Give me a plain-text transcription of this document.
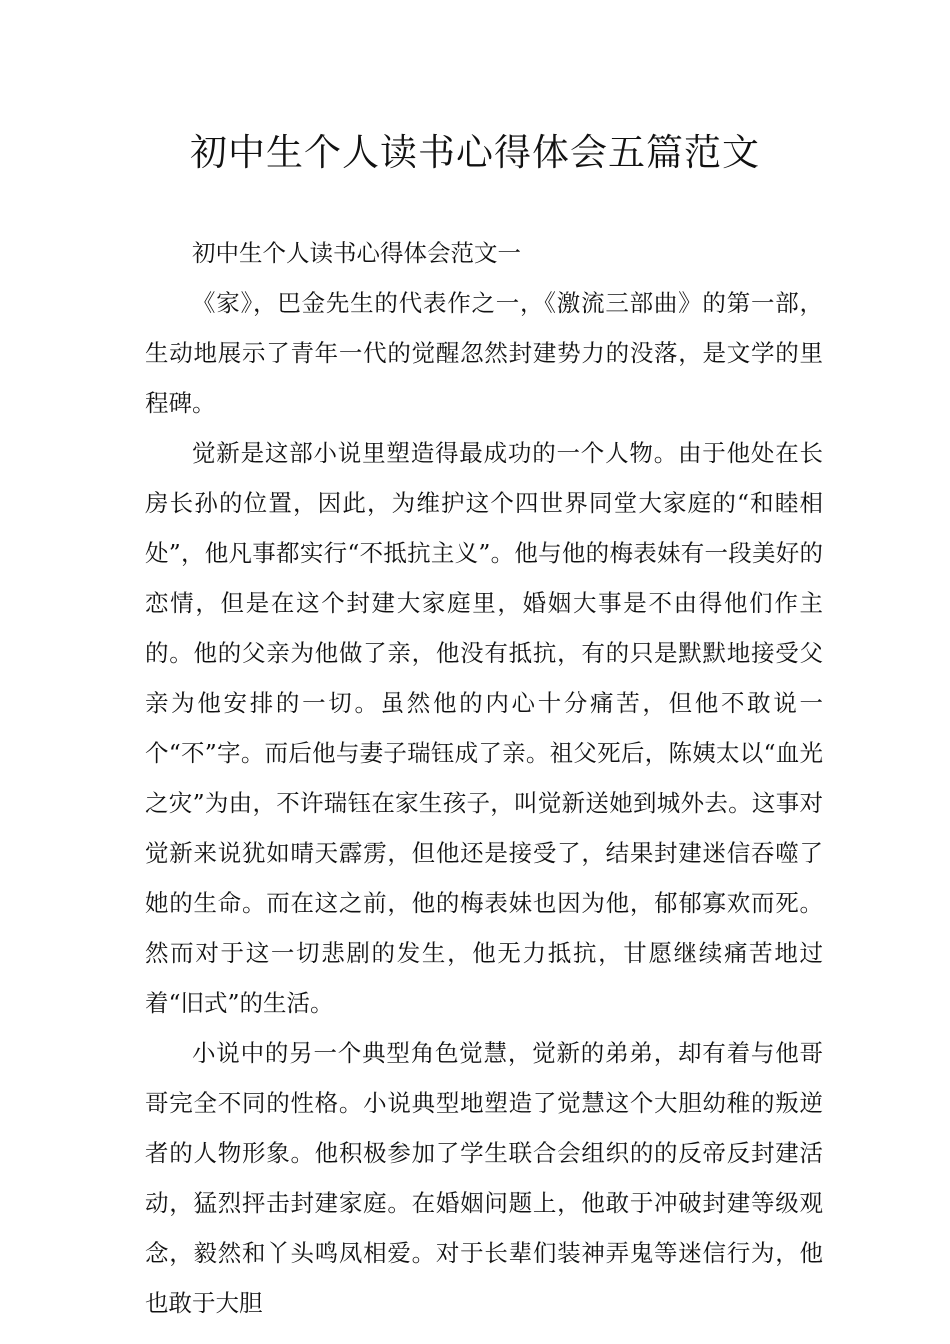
初中生个人读书心得体会五篇范文

初中生个人读书心得体会范文一

《家》，巴金先生的代表作之一，《激流三部曲》的第一部，生动地展示了青年一代的觉醒忽然封建势力的没落，是文学的里程碑。

觉新是这部小说里塑造得最成功的一个人物。由于他处在长房长孙的位置，因此，为维护这个四世界同堂大家庭的“和睦相处”，他凡事都实行“不抵抗主义”。他与他的梅表妹有一段美好的恋情，但是在这个封建大家庭里，婚姻大事是不由得他们作主的。他的父亲为他做了亲，他没有抵抗，有的只是默默地接受父亲为他安排的一切。虽然他的内心十分痛苦，但他不敢说一个“不”字。而后他与妻子瑞钰成了亲。祖父死后，陈姨太以“血光之灾”为由，不许瑞钰在家生孩子，叫觉新送她到城外去。这事对觉新来说犹如晴天霹雳，但他还是接受了，结果封建迷信吞噬了她的生命。而在这之前，他的梅表妹也因为他，郁郁寡欢而死。然而对于这一切悲剧的发生，他无力抵抗，甘愿继续痛苦地过着“旧式”的生活。

小说中的另一个典型角色觉慧，觉新的弟弟，却有着与他哥哥完全不同的性格。小说典型地塑造了觉慧这个大胆幼稚的叛逆者的人物形象。他积极参加了学生联合会组织的的反帝反封建活动，猛烈抨击封建家庭。在婚姻问题上，他敢于冲破封建等级观念，毅然和丫头鸣凤相爱。对于长辈们装神弄鬼等迷信行为，他也敢于大胆
